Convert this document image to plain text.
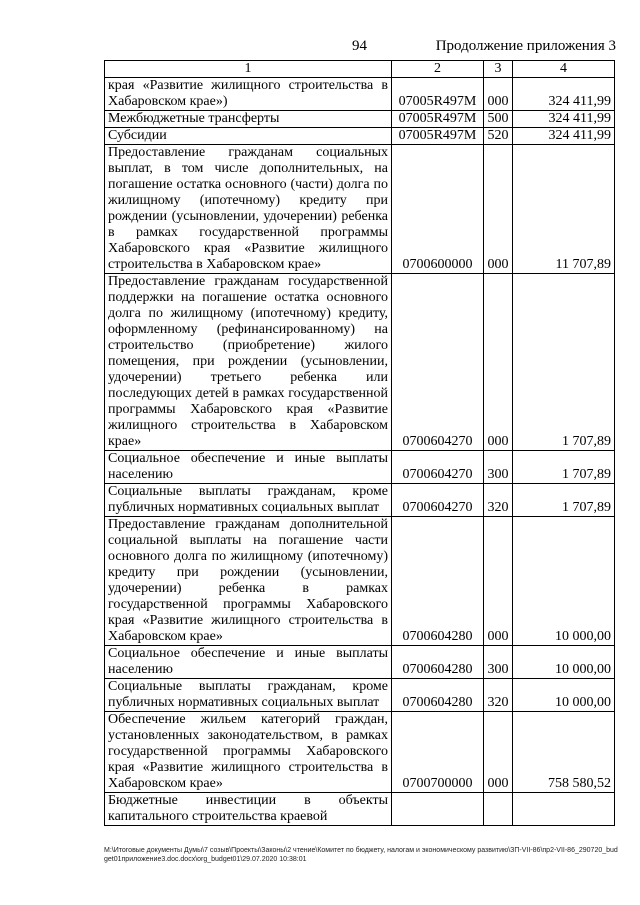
94	Продолжение приложения 3
1	2	3	4
края «Развитие жилищного строительства в Хабаровском крае»)	07005R497M	000	324 411,99
Межбюджетные трансферты	07005R497M	500	324 411,99
Субсидии	07005R497M	520	324 411,99
Предоставление гражданам социальных выплат, в том числе дополнительных, на погашение остатка основного (части) долга по жилищному (ипотечному) кредиту при рождении (усыновлении, удочерении) ребенка в рамках государственной программы Хабаровского края «Развитие жилищного строительства в Хабаровском крае»	0700600000	000	11 707,89
Предоставление гражданам государственной поддержки на погашение остатка основного долга по жилищному (ипотечному) кредиту, оформленному (рефинансированному) на строительство (приобретение) жилого помещения, при рождении (усыновлении, удочерении) третьего ребенка или последующих детей в рамках государственной программы Хабаровского края «Развитие жилищного строительства в Хабаровском крае»	0700604270	000	1 707,89
Социальное обеспечение и иные выплаты населению	0700604270	300	1 707,89
Социальные выплаты гражданам, кроме публичных нормативных социальных выплат	0700604270	320	1 707,89
Предоставление гражданам дополнительной социальной выплаты на погашение части основного долга по жилищному (ипотечному) кредиту при рождении (усыновлении, удочерении) ребенка в рамках государственной программы Хабаровского края «Развитие жилищного строительства в Хабаровском крае»	0700604280	000	10 000,00
Социальное обеспечение и иные выплаты населению	0700604280	300	10 000,00
Социальные выплаты гражданам, кроме публичных нормативных социальных выплат	0700604280	320	10 000,00
Обеспечение жильем категорий граждан, установленных законодательством, в рамках государственной программы Хабаровского края «Развитие жилищного строительства в Хабаровском крае»	0700700000	000	758 580,52
Бюджетные инвестиции в объекты капитального строительства краевой			
M:\Итоговые документы Думы\7 созыв\Проекты\Законы\2 чтение\Комитет по бюджету, налогам и экономическому развитию\ЗП-VII-86\пр2-VII-86_290720_budget01приложение3.doc.docx\org_budget01\29.07.2020 10:38:01
